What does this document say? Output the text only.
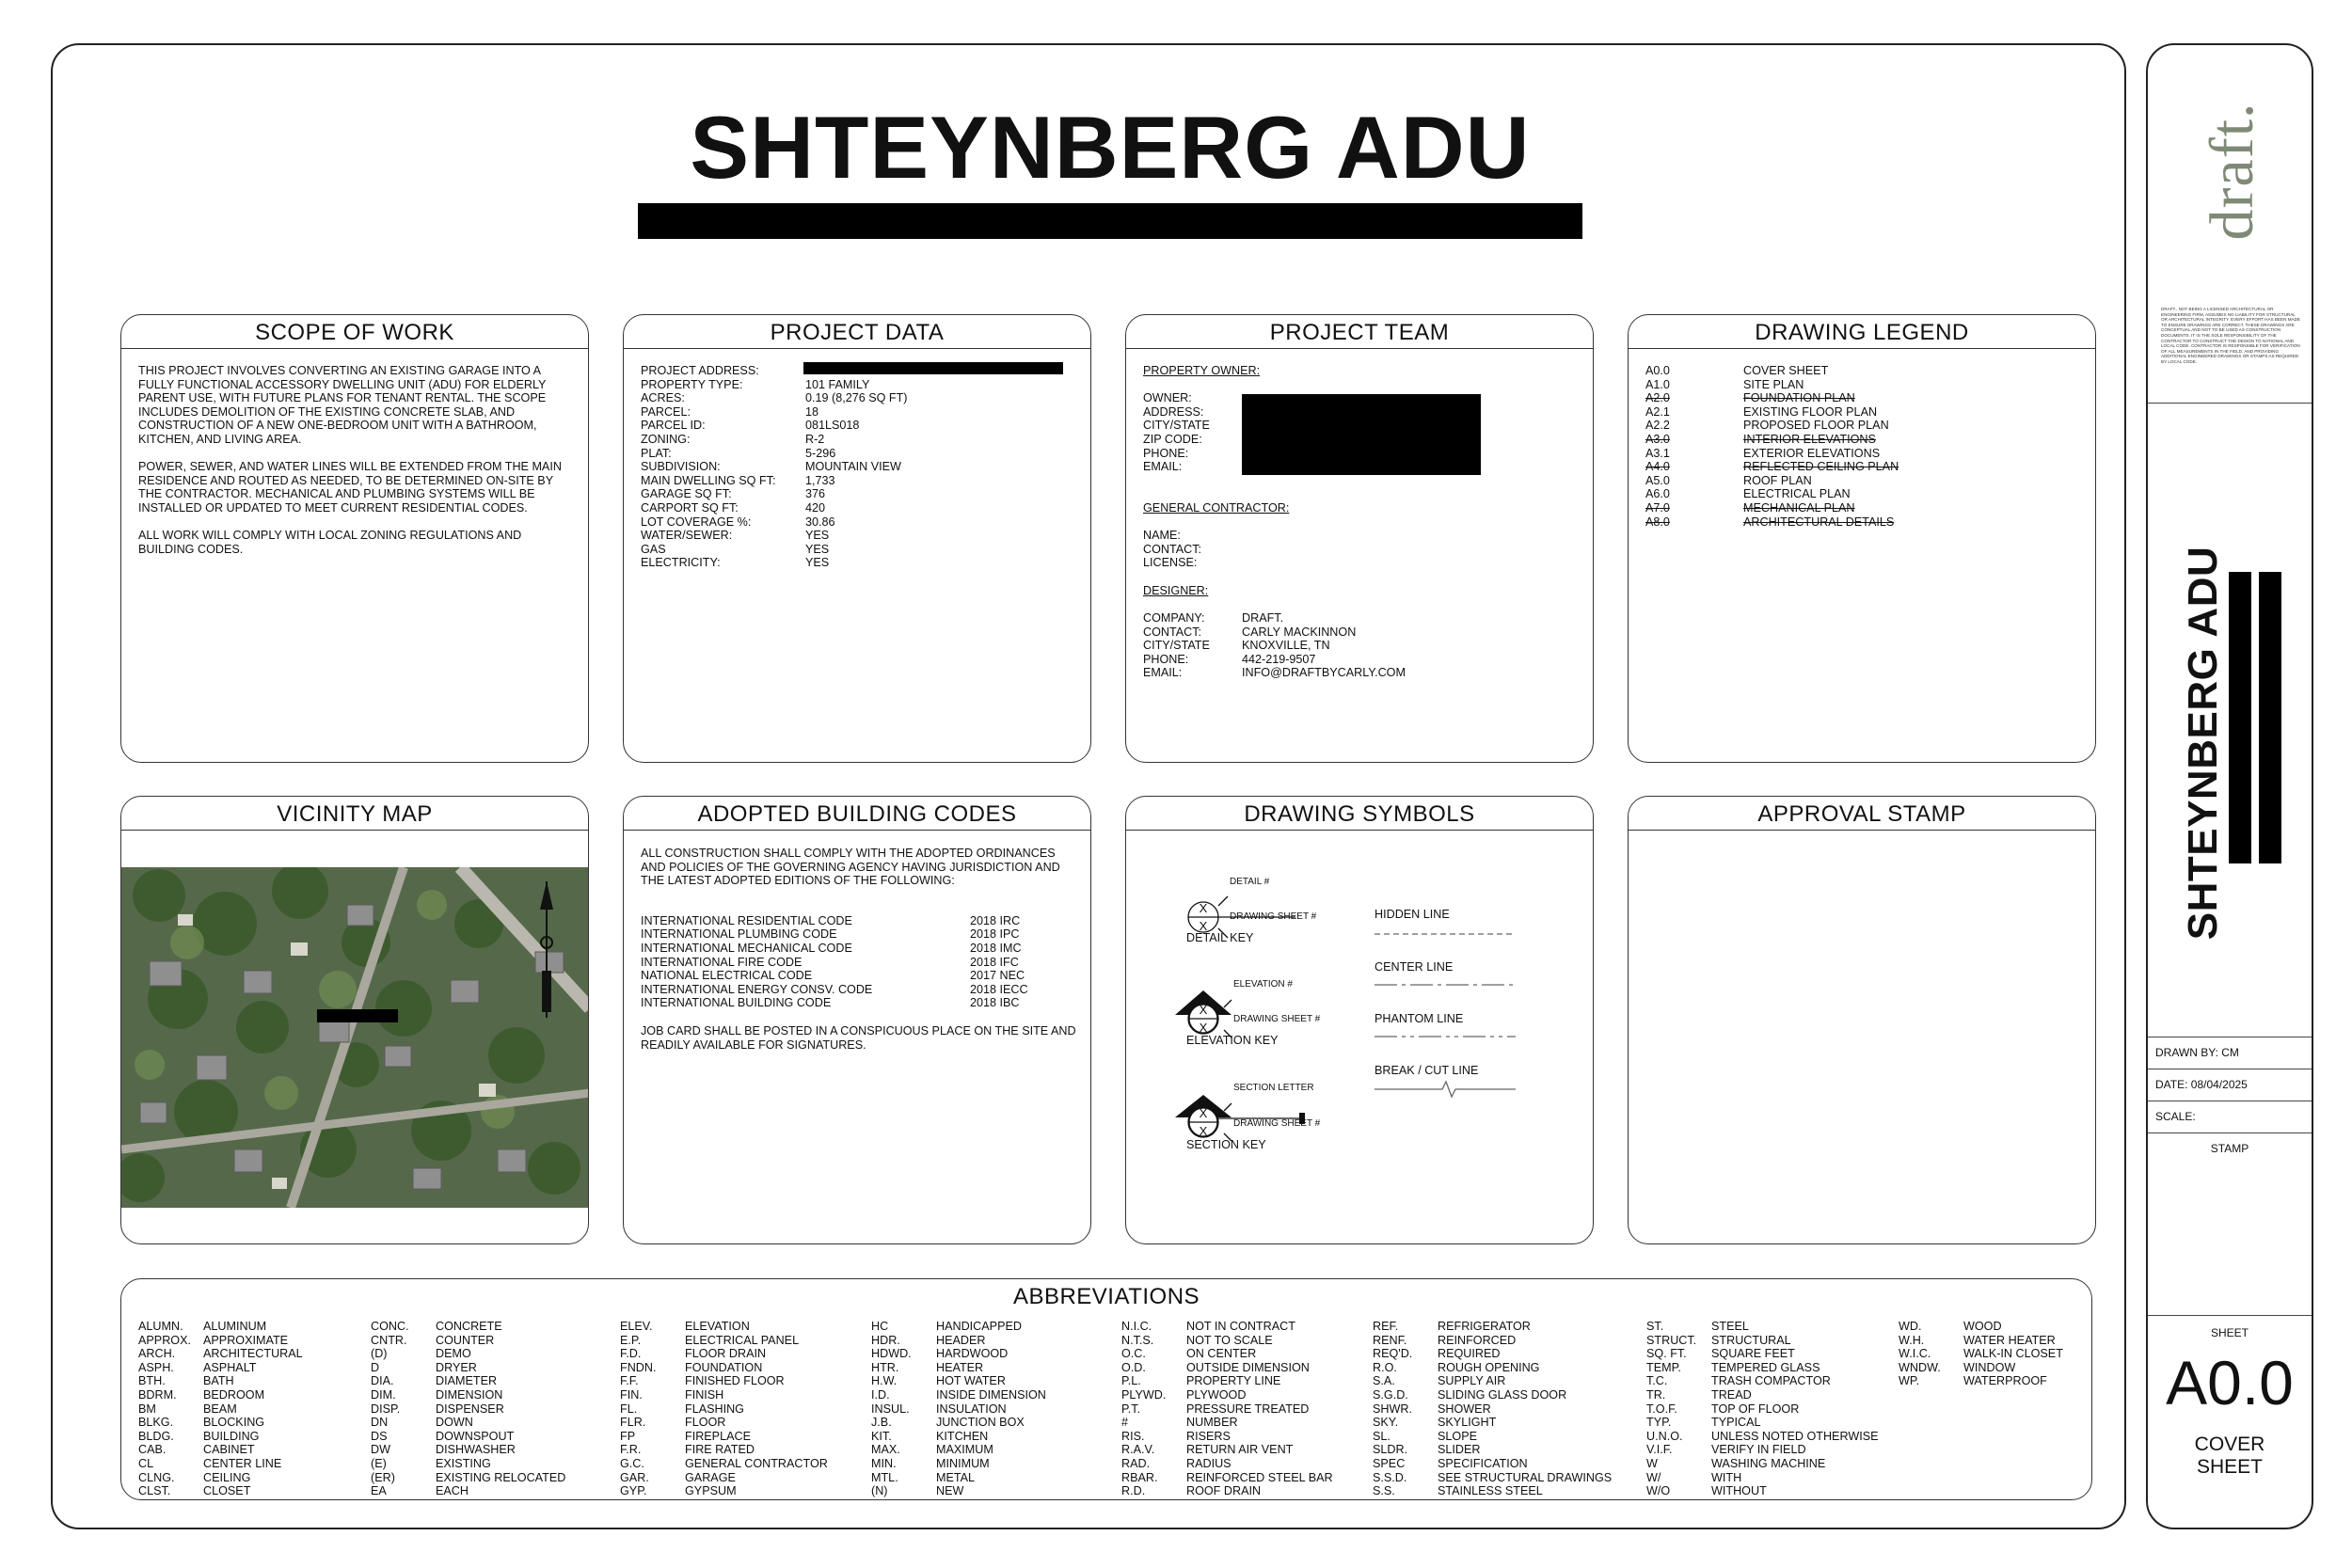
SHTEYNBERG ADU
SCOPE OF WORK

THIS PROJECT INVOLVES CONVERTING AN EXISTING GARAGE INTO A FULLY FUNCTIONAL ACCESSORY DWELLING UNIT (ADU) FOR ELDERLY PARENT USE, WITH FUTURE PLANS FOR TENANT RENTAL. THE SCOPE INCLUDES DEMOLITION OF THE EXISTING CONCRETE SLAB, AND CONSTRUCTION OF A NEW ONE-BEDROOM UNIT WITH A BATHROOM, KITCHEN, AND LIVING AREA.

POWER, SEWER, AND WATER LINES WILL BE EXTENDED FROM THE MAIN RESIDENCE AND ROUTED AS NEEDED, TO BE DETERMINED ON-SITE BY THE CONTRACTOR. MECHANICAL AND PLUMBING SYSTEMS WILL BE INSTALLED OR UPDATED TO MEET CURRENT RESIDENTIAL CODES.

ALL WORK WILL COMPLY WITH LOCAL ZONING REGULATIONS AND BUILDING CODES.

PROJECT DATA
PROJECT ADDRESS:
PROPERTY TYPE:	101 FAMILY
ACRES:	0.19 (8,276 SQ FT)
PARCEL:	18
PARCEL ID:	081LS018
ZONING:	R-2
PLAT:	5-296
SUBDIVISION:	MOUNTAIN VIEW
MAIN DWELLING SQ FT:	1,733
GARAGE SQ FT:	376
CARPORT SQ FT:	420
LOT COVERAGE %:	30.86
WATER/SEWER:	YES
GAS	YES
ELECTRICITY:	YES
PROJECT TEAM
PROPERTY OWNER:
OWNER:
ADDRESS:
CITY/STATE
ZIP CODE:
PHONE:
EMAIL:
GENERAL CONTRACTOR:
NAME:
CONTACT:
LICENSE:
DESIGNER:
COMPANY:	DRAFT.
CONTACT:	CARLY MACKINNON
CITY/STATE	KNOXVILLE, TN
PHONE:	442-219-9507
EMAIL:	INFO@DRAFTBYCARLY.COM
DRAWING LEGEND
A0.0	COVER SHEET
A1.0	SITE PLAN
A2.0	FOUNDATION PLAN
A2.1	EXISTING FLOOR PLAN
A2.2	PROPOSED FLOOR PLAN
A3.0	INTERIOR ELEVATIONS
A3.1	EXTERIOR ELEVATIONS
A4.0	REFLECTED CEILING PLAN
A5.0	ROOF PLAN
A6.0	ELECTRICAL PLAN
A7.0	MECHANICAL PLAN
A8.0	ARCHITECTURAL DETAILS
VICINITY MAP	ADOPTED BUILDING CODES
ALL CONSTRUCTION SHALL COMPLY WITH THE ADOPTED ORDINANCES AND POLICIES OF THE GOVERNING AGENCY HAVING JURISDICTION AND THE LATEST ADOPTED EDITIONS OF THE FOLLOWING:
INTERNATIONAL RESIDENTIAL CODE	2018 IRC
INTERNATIONAL PLUMBING CODE	2018 IPC
INTERNATIONAL MECHANICAL CODE	2018 IMC
INTERNATIONAL FIRE CODE	2018 IFC
NATIONAL ELECTRICAL CODE	2017 NEC
INTERNATIONAL ENERGY CONSV. CODE	2018 IECC
INTERNATIONAL BUILDING CODE	2018 IBC
JOB CARD SHALL BE POSTED IN A CONSPICUOUS PLACE ON THE SITE AND READILY AVAILABLE FOR SIGNATURES.
DRAWING SYMBOLS
X
X
X
X
X
X
DETAIL #
DRAWING SHEET #
DETAIL KEY
ELEVATION #
DRAWING SHEET #
ELEVATION KEY
SECTION LETTER
DRAWING SHEET #
SECTION KEY
HIDDEN LINE
CENTER LINE
PHANTOM LINE
BREAK / CUT LINE
APPROVAL STAMP
ABBREVIATIONS
ALUMN.	ALUMINUM
APPROX.	APPROXIMATE
ARCH.	ARCHITECTURAL
ASPH.	ASPHALT
BTH.	BATH
BDRM.	BEDROOM
BM	BEAM
BLKG.	BLOCKING
BLDG.	BUILDING
CAB.	CABINET
CL	CENTER LINE
CLNG.	CEILING
CLST.	CLOSET
CONC.	CONCRETE
CNTR.	COUNTER
(D)	DEMO
D	DRYER
DIA.	DIAMETER
DIM.	DIMENSION
DISP.	DISPENSER
DN	DOWN
DS	DOWNSPOUT
DW	DISHWASHER
(E)	EXISTING
(ER)	EXISTING RELOCATED
EA	EACH
ELEV.	ELEVATION
E.P.	ELECTRICAL PANEL
F.D.	FLOOR DRAIN
FNDN.	FOUNDATION
F.F.	FINISHED FLOOR
FIN.	FINISH
FL.	FLASHING
FLR.	FLOOR
FP	FIREPLACE
F.R.	FIRE RATED
G.C.	GENERAL CONTRACTOR
GAR.	GARAGE
GYP.	GYPSUM
HC	HANDICAPPED
HDR.	HEADER
HDWD.	HARDWOOD
HTR.	HEATER
H.W.	HOT WATER
I.D.	INSIDE DIMENSION
INSUL.	INSULATION
J.B.	JUNCTION BOX
KIT.	KITCHEN
MAX.	MAXIMUM
MIN.	MINIMUM
MTL.	METAL
(N)	NEW
N.I.C.	NOT IN CONTRACT
N.T.S.	NOT TO SCALE
O.C.	ON CENTER
O.D.	OUTSIDE DIMENSION
P.L.	PROPERTY LINE
PLYWD.	PLYWOOD
P.T.	PRESSURE TREATED
#	NUMBER
RIS.	RISERS
R.A.V.	RETURN AIR VENT
RAD.	RADIUS
RBAR.	REINFORCED STEEL BAR
R.D.	ROOF DRAIN
REF.	REFRIGERATOR
RENF.	REINFORCED
REQ'D.	REQUIRED
R.O.	ROUGH OPENING
S.A.	SUPPLY AIR
S.G.D.	SLIDING GLASS DOOR
SHWR.	SHOWER
SKY.	SKYLIGHT
SL.	SLOPE
SLDR.	SLIDER
SPEC	SPECIFICATION
S.S.D.	SEE STRUCTURAL DRAWINGS
S.S.	STAINLESS STEEL
ST.	STEEL
STRUCT.	STRUCTURAL
SQ. FT.	SQUARE FEET
TEMP.	TEMPERED GLASS
T.C.	TRASH COMPACTOR
TR.	TREAD
T.O.F.	TOP OF FLOOR
TYP.	TYPICAL
U.N.O.	UNLESS NOTED OTHERWISE
V.I.F.	VERIFY IN FIELD
W	WASHING MACHINE
W/	WITH
W/O	WITHOUT
WD.	WOOD
W.H.	WATER HEATER
W.I.C.	WALK-IN CLOSET
WNDW.	WINDOW
WP.	WATERPROOF
draft.
DRAFT., NOT BEING A LICENSED ARCHITECTURAL OR ENGINEERING FIRM, ASSUMES NO LIABILITY FOR STRUCTURAL OR ARCHITECTURAL INTEGRITY. EVERY EFFORT HAS BEEN MADE TO ENSURE DRAWINGS ARE CORRECT. THESE DRAWINGS ARE CONCEPTUAL AND NOT TO BE USED AS CONSTRUCTION DOCUMENTS. IT IS THE SOLE RESPONSIBILITY OF THE CONTRACTOR TO CONSTRUCT THE DESIGN TO NATIONAL AND LOCAL CODE. CONTRACTOR IS RESPONSIBLE FOR VERIFICATION OF ALL MEASUREMENTS IN THE FIELD, AND PROVIDING ADDITIONAL ENGINEERED DRAWINGS OR STAMPS AS REQUIRED BY LOCAL CODE.
SHTEYNBERG ADU
DRAWN BY: CM
DATE: 08/04/2025
SCALE:
STAMP
SHEET
A0.0
COVER
SHEET
